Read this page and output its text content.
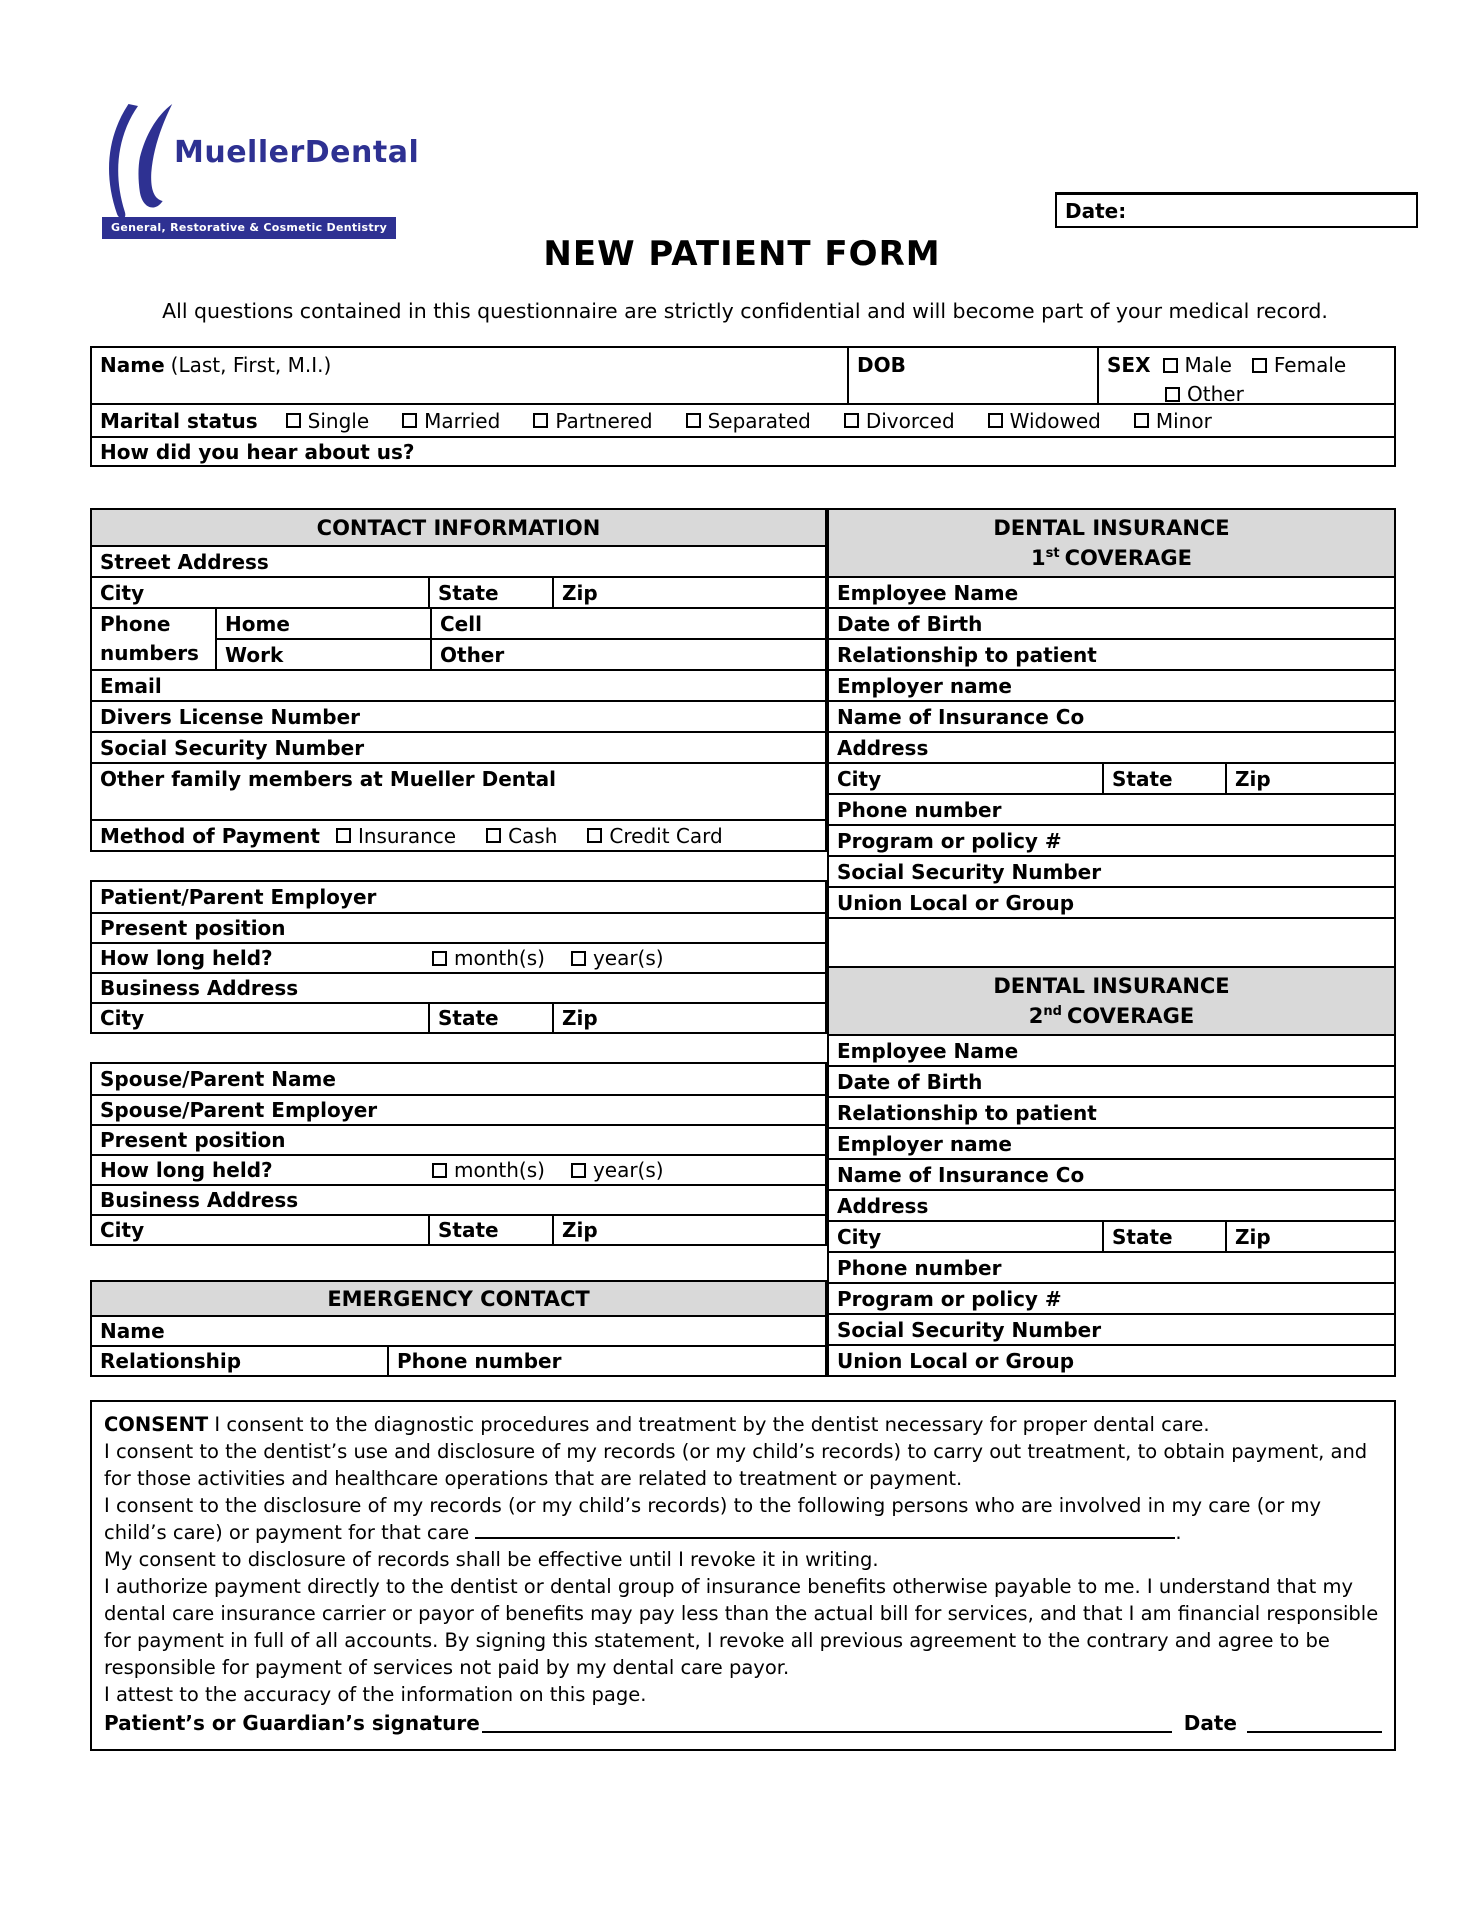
MuellerDental
General, Restorative & Cosmetic Dentistry
Date:
NEW PATIENT FORM
All questions contained in this questionnaire are strictly confidential and will become part of your medical record.
Name (Last, First, M.I.)	DOB	SEX Male Female
Other
Marital status	Single	Married	Partnered	Separated	Divorced	Widowed	Minor
How did you hear about us?
CONTACT INFORMATION
Street Address
City	State	Zip
Phone numbers
Home	Cell
Work	Other
Email
Divers License Number
Social Security Number
Other family members at Mueller Dental
Method of Payment Insurance	Cash	Credit Card
Patient/Parent Employer
Present position
How long held?	month(s) year(s)
Business Address
City	State	Zip
Spouse/Parent Name
Spouse/Parent Employer
Present position
How long held?	month(s) year(s)
Business Address
City	State	Zip
EMERGENCY CONTACT
Name
Relationship	Phone number
DENTAL INSURANCE
1st COVERAGE
Employee Name
Date of Birth
Relationship to patient
Employer name
Name of Insurance Co
Address
City	State	Zip
Phone number
Program or policy #
Social Security Number
Union Local or Group
DENTAL INSURANCE
2nd COVERAGE
Employee Name
Date of Birth
Relationship to patient
Employer name
Name of Insurance Co
Address
City	State	Zip
Phone number
Program or policy #
Social Security Number
Union Local or Group

CONSENT I consent to the diagnostic procedures and treatment by the dentist necessary for proper dental care.

I consent to the dentist’s use and disclosure of my records (or my child’s records) to carry out treatment, to obtain payment, and for those activities and healthcare operations that are related to treatment or payment.

I consent to the disclosure of my records (or my child’s records) to the following persons who are involved in my care (or my child’s care) or payment for that care	.

My consent to disclosure of records shall be effective until I revoke it in writing.

I authorize payment directly to the dentist or dental group of insurance benefits otherwise payable to me. I understand that my dental care insurance carrier or payor of benefits may pay less than the actual bill for services, and that I am financial responsible for payment in full of all accounts. By signing this statement, I revoke all previous agreement to the contrary and agree to be responsible for payment of services not paid by my dental care payor.

I attest to the accuracy of the information on this page.

Patient’s or Guardian’s signature	Date
